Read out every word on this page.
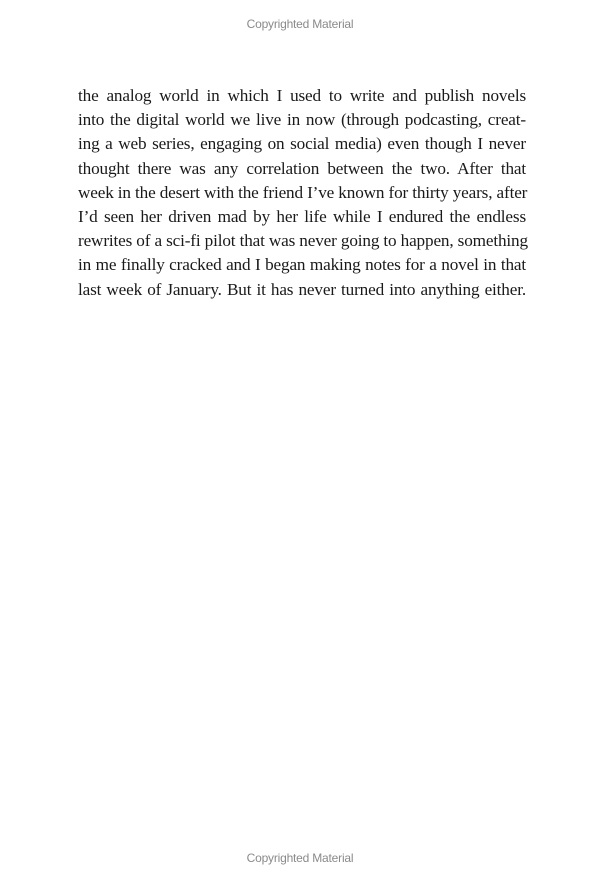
Copyrighted Material
the analog world in which I used to write and publish novels
into the digital world we live in now (through podcasting, creat-
ing a web series, engaging on social media) even though I never
thought there was any correlation between the two. After that
week in the desert with the friend I’ve known for thirty years, after
I’d seen her driven mad by her life while I endured the endless
rewrites of a sci-fi pilot that was never going to happen, something
in me finally cracked and I began making notes for a novel in that
last week of January. But it has never turned into anything either.
Copyrighted Material
